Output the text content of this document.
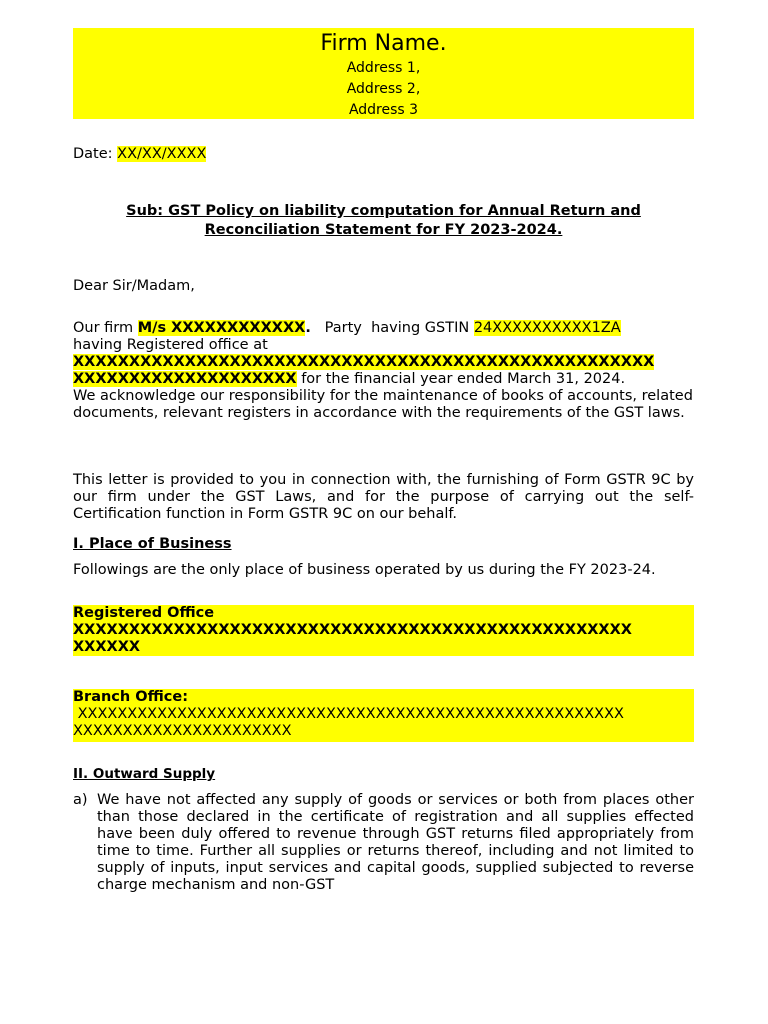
Firm Name.
Address 1,
Address 2,
Address 3
Date: XX/XX/XXXX
Sub: GST Policy on liability computation for Annual Return and
Reconciliation Statement for FY 2023-2024.
Dear Sir/Madam,
Our firm M/s XXXXXXXXXXXX.   Party  having GSTIN 24XXXXXXXXXX1ZA
having Registered office at
XXXXXXXXXXXXXXXXXXXXXXXXXXXXXXXXXXXXXXXXXXXXXXXXXXXX
XXXXXXXXXXXXXXXXXXXX for the financial year ended March 31, 2024.
We acknowledge our responsibility for the maintenance of books of accounts, related documents, relevant registers in accordance with the requirements of the GST laws.
This letter is provided to you in connection with, the furnishing of Form GSTR 9C by our firm under the GST Laws, and for the purpose of carrying out the self-Certification function in Form GSTR 9C on our behalf.
I. Place of Business
Followings are the only place of business operated by us during the FY 2023-24.
Registered Office
XXXXXXXXXXXXXXXXXXXXXXXXXXXXXXXXXXXXXXXXXXXXXXXXXX
XXXXXX
Branch Office:
XXXXXXXXXXXXXXXXXXXXXXXXXXXXXXXXXXXXXXXXXXXXXXXXXXXXXXX
XXXXXXXXXXXXXXXXXXXXXX
II. Outward Supply
a) We have not affected any supply of goods or services or both from places other than those declared in the certificate of registration and all supplies effected have been duly offered to revenue through GST returns filed appropriately from time to time. Further all supplies or returns thereof, including and not limited to supply of inputs, input services and capital goods, supplied subjected to reverse charge mechanism and non-GST
